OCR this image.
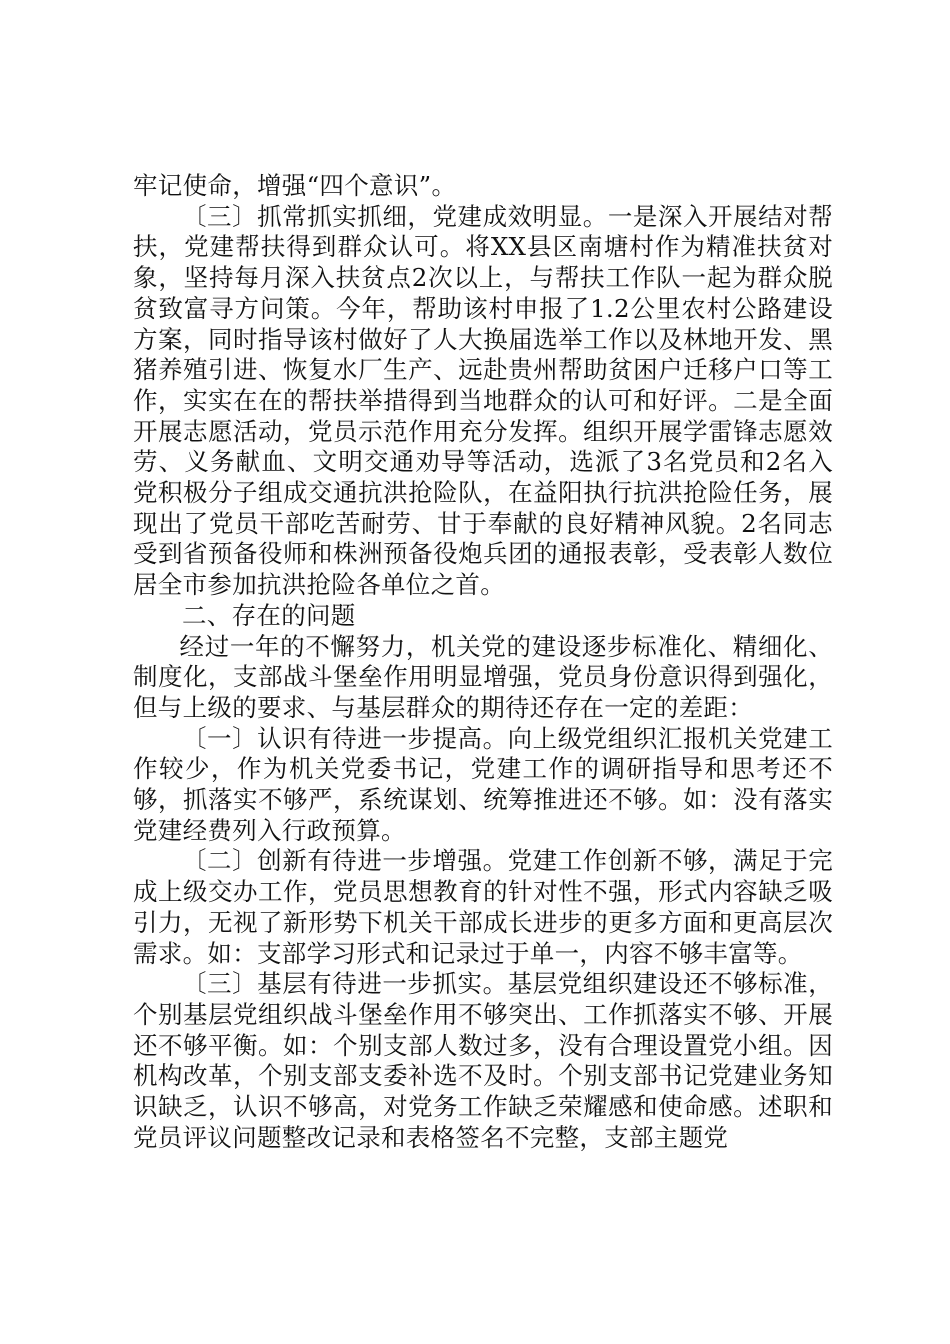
牢记使命，增强“四个意识”。

〔三〕抓常抓实抓细，党建成效明显。一是深入开展结对帮扶，党建帮扶得到群众认可。将XX县区南塘村作为精准扶贫对象，坚持每月深入扶贫点2次以上，与帮扶工作队一起为群众脱贫致富寻方问策。今年，帮助该村申报了1.2公里农村公路建设方案，同时指导该村做好了人大换届选举工作以及林地开发、黑猪养殖引进、恢复水厂生产、远赴贵州帮助贫困户迁移户口等工作，实实在在的帮扶举措得到当地群众的认可和好评。二是全面开展志愿活动，党员示范作用充分发挥。组织开展学雷锋志愿效劳、义务献血、文明交通劝导等活动，选派了3名党员和2名入党积极分子组成交通抗洪抢险队，在益阳执行抗洪抢险任务，展现出了党员干部吃苦耐劳、甘于奉献的良好精神风貌。2名同志受到省预备役师和株洲预备役炮兵团的通报表彰，受表彰人数位居全市参加抗洪抢险各单位之首。

二、存在的问题

经过一年的不懈努力，机关党的建设逐步标准化、精细化、制度化，支部战斗堡垒作用明显增强，党员身份意识得到强化，但与上级的要求、与基层群众的期待还存在一定的差距：

〔一〕认识有待进一步提高。向上级党组织汇报机关党建工作较少，作为机关党委书记，党建工作的调研指导和思考还不够，抓落实不够严，系统谋划、统筹推进还不够。如：没有落实党建经费列入行政预算。

〔二〕创新有待进一步增强。党建工作创新不够，满足于完成上级交办工作，党员思想教育的针对性不强，形式内容缺乏吸引力，无视了新形势下机关干部成长进步的更多方面和更高层次需求。如：支部学习形式和记录过于单一，内容不够丰富等。

〔三〕基层有待进一步抓实。基层党组织建设还不够标准，个别基层党组织战斗堡垒作用不够突出、工作抓落实不够、开展还不够平衡。如：个别支部人数过多，没有合理设置党小组。因机构改革，个别支部支委补选不及时。个别支部书记党建业务知识缺乏，认识不够高，对党务工作缺乏荣耀感和使命感。述职和党员评议问题整改记录和表格签名不完整，支部主题党
